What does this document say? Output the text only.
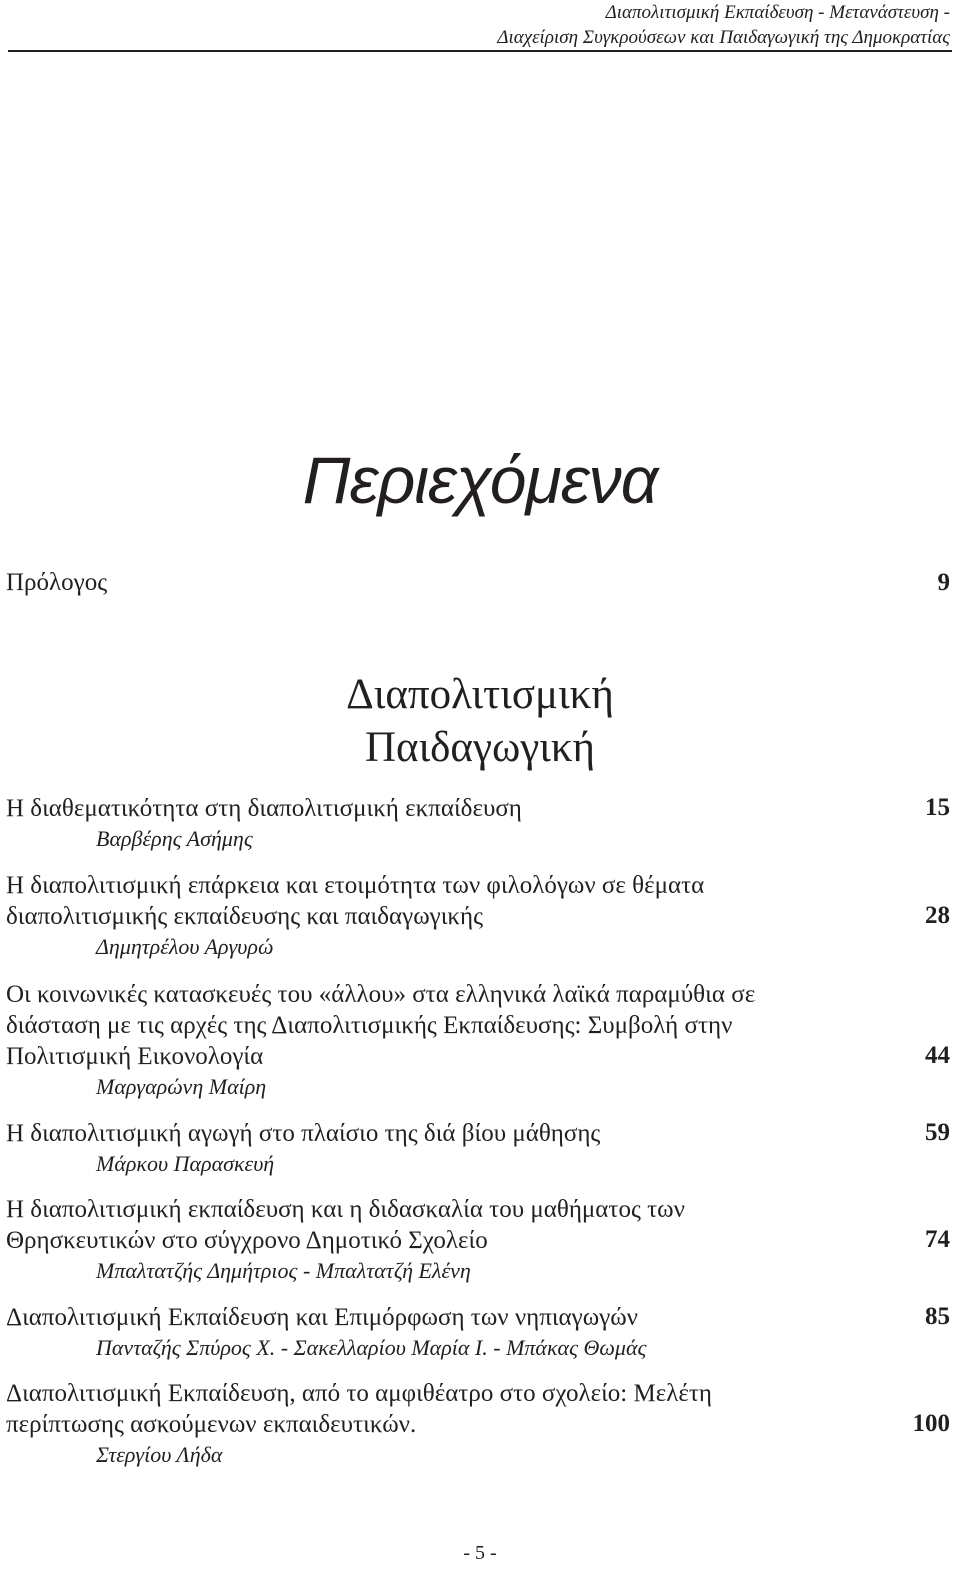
Διαπολιτισμική Εκπαίδευση - Μετανάστευση -
Διαχείριση Συγκρούσεων και Παιδαγωγική της Δημοκρατίας
Περιεχόμενα
Πρόλογος	9
Διαπολιτισμική
Παιδαγωγική
Η διαθεματικότητα στη διαπολιτισμική εκπαίδευση
Βαρβέρης Ασήμης
15
Η διαπολιτισμική επάρκεια και ετοιμότητα των φιλολόγων σε θέματα
διαπολιτισμικής εκπαίδευσης και παιδαγωγικής
Δημητρέλου Αργυρώ
28
Οι κοινωνικές κατασκευές του «άλλου» στα ελληνικά λαϊκά παραμύθια σε
διάσταση με τις αρχές της Διαπολιτισμικής Εκπαίδευσης: Συμβολή στην
Πολιτισμική Εικονολογία
Μαργαρώνη Μαίρη
44
Η διαπολιτισμική αγωγή στο πλαίσιο της διά βίου μάθησης
Μάρκου Παρασκευή
59
Η διαπολιτισμική εκπαίδευση και η διδασκαλία του μαθήματος των
Θρησκευτικών στο σύγχρονο Δημοτικό Σχολείο
Μπαλτατζής Δημήτριος - Μπαλτατζή Ελένη
74
Διαπολιτισμική Εκπαίδευση και Επιμόρφωση των νηπιαγωγών
Πανταζής Σπύρος Χ. - Σακελλαρίου Μαρία Ι. - Μπάκας Θωμάς
85
Διαπολιτισμική Εκπαίδευση, από το αμφιθέατρο στο σχολείο: Μελέτη
περίπτωσης ασκούμενων εκπαιδευτικών.
Στεργίου Λήδα
100
- 5 -
